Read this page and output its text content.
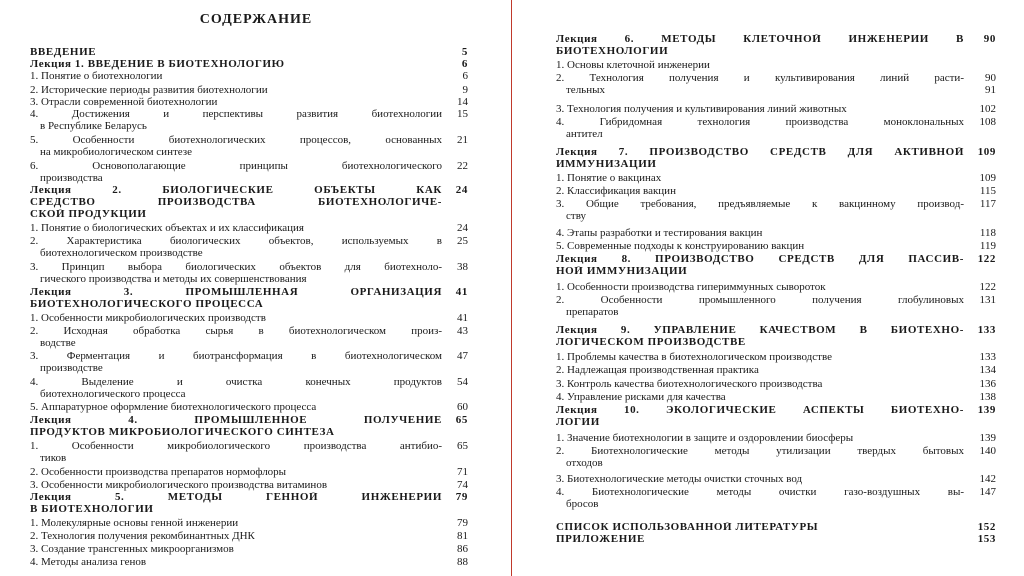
СОДЕРЖАНИЕ
ВВЕДЕНИЕ	5
Лекция 1. ВВЕДЕНИЕ В БИОТЕХНОЛОГИЮ	6
1. Понятие о биотехнологии	6
2. Исторические периоды развития биотехнологии	9
3. Отрасли современной биотехнологии	14
4. Достижения и перспективы развития биотехнологии	15
в Республике Беларусь
5. Особенности биотехнологических процессов, основанных	21
на микробиологическом синтезе
6. Основополагающие принципы биотехнологического	22
производства
Лекция 2. БИОЛОГИЧЕСКИЕ ОБЪЕКТЫ КАК	24
СРЕДСТВО ПРОИЗВОДСТВА БИОТЕХНОЛОГИЧЕ-
СКОЙ ПРОДУКЦИИ
1. Понятие о биологических объектах и их классификация	24
2. Характеристика биологических объектов, используемых в	25
биотехнологическом производстве
3. Принцип выбора биологических объектов для биотехноло-	38
гического производства и методы их совершенствования
Лекция 3. ПРОМЫШЛЕННАЯ ОРГАНИЗАЦИЯ	41
БИОТЕХНОЛОГИЧЕСКОГО ПРОЦЕССА
1. Особенности микробиологических производств	41
2. Исходная обработка сырья в биотехнологическом произ-	43
водстве
3. Ферментация и биотрансформация в биотехнологическом	47
производстве
4. Выделение и очистка конечных продуктов	54
биотехнологического процесса
5. Аппаратурное оформление биотехнологического процесса	60
Лекция 4. ПРОМЫШЛЕННОЕ ПОЛУЧЕНИЕ	65
ПРОДУКТОВ МИКРОБИОЛОГИЧЕСКОГО СИНТЕЗА
1. Особенности микробиологического производства антибио-	65
тиков
2. Особенности производства препаратов нормофлоры	71
3. Особенности микробиологического производства витаминов	74
Лекция 5. МЕТОДЫ ГЕННОЙ ИНЖЕНЕРИИ	79
В БИОТЕХНОЛОГИИ
1. Молекулярные основы генной инженерии	79
2. Технология получения рекомбинантных ДНК	81
3. Создание трансгенных микроорганизмов	86
4. Методы анализа генов	88
Лекция 6. МЕТОДЫ КЛЕТОЧНОЙ ИНЖЕНЕРИИ В	90
БИОТЕХНОЛОГИИ
1. Основы клеточной инженерии
2. Технология получения и культивирования линий расти-	90
тельных	91
3. Технология получения и культивирования линий животных	102
4. Гибридомная технология производства моноклональных	108
антител
Лекция 7. ПРОИЗВОДСТВО СРЕДСТВ ДЛЯ АКТИВНОЙ	109
ИММУНИЗАЦИИ
1. Понятие о вакцинах	109
2. Классификация вакцин	115
3. Общие требования, предъявляемые к вакцинному производ-	117
ству
4. Этапы разработки и тестирования вакцин	118
5. Современные подходы к конструированию вакцин	119
Лекция 8. ПРОИЗВОДСТВО СРЕДСТВ ДЛЯ ПАССИВ-	122
НОЙ ИММУНИЗАЦИИ
1. Особенности производства гипериммунных сывороток	122
2. Особенности промышленного получения глобулиновых	131
препаратов
Лекция 9. УПРАВЛЕНИЕ КАЧЕСТВОМ В БИОТЕХНО-	133
ЛОГИЧЕСКОМ ПРОИЗВОДСТВЕ
1. Проблемы качества в биотехнологическом производстве	133
2. Надлежащая производственная практика	134
3. Контроль качества биотехнологического производства	136
4. Управление рисками для качества	138
Лекция 10. ЭКОЛОГИЧЕСКИЕ АСПЕКТЫ БИОТЕХНО-	139
ЛОГИИ
1. Значение биотехнологии в защите и оздоровлении биосферы	139
2. Биотехнологические методы утилизации твердых бытовых	140
отходов
3. Биотехнологические методы очистки сточных вод	142
4. Биотехнологические методы очистки газо-воздушных вы-	147
бросов
СПИСОК ИСПОЛЬЗОВАННОЙ ЛИТЕРАТУРЫ	152
ПРИЛОЖЕНИЕ	153
